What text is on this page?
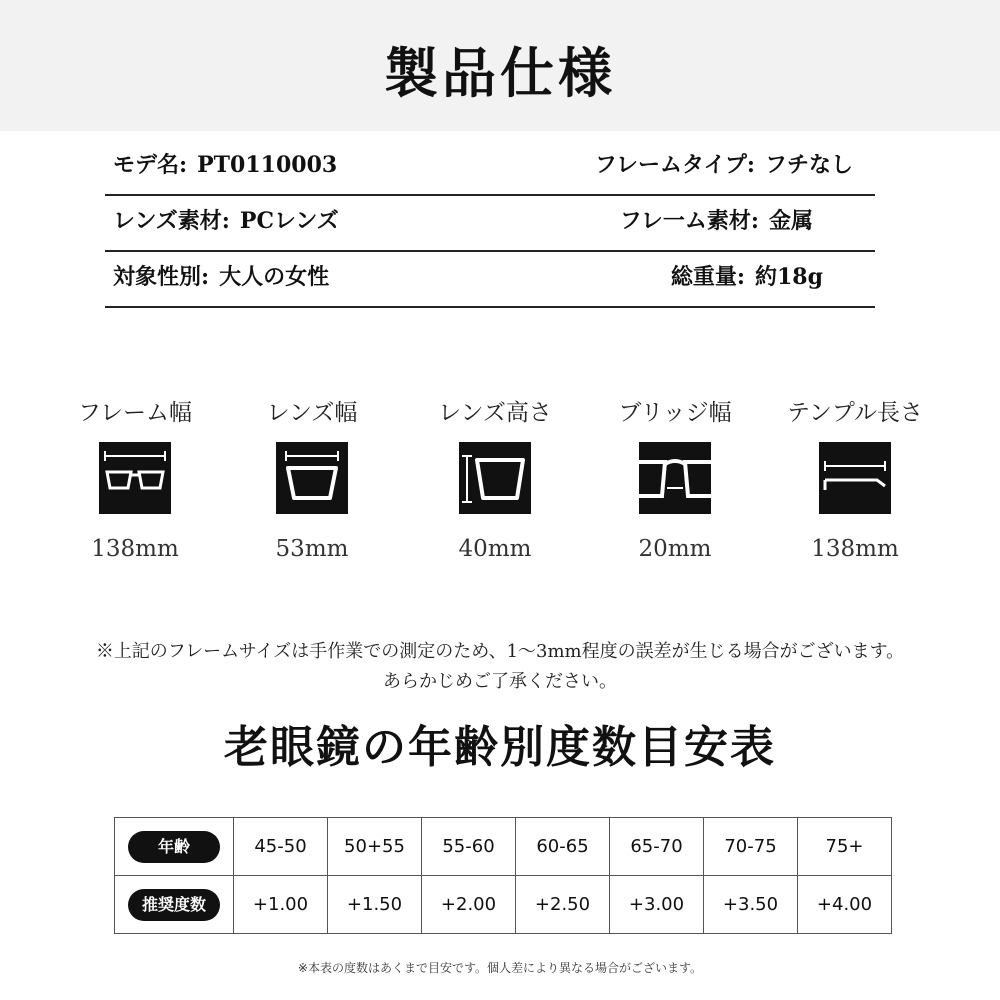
製品仕様
モデ名: PT0110003	フレームタイプ: フチなし
レンズ素材: PCレンズ	フレ一ム素材: 金属
対象性別: 大人の女性	総重量: 約18g
フレーム幅
138mm
レンズ幅
53mm
レンズ高さ
40mm
ブリッジ幅
20mm
テンプル長さ
138mm
※上記のフレームサイズは手作業での測定のため、1～3mm程度の誤差が生じる場合がございます。
あらかじめご了承ください。
老眼鏡の年齢別度数目安表
年齢	45-50	50+55	55-60	60-65	65-70	70-75	75+
推奨度数	+1.00	+1.50	+2.00	+2.50	+3.00	+3.50	+4.00
※本表の度数はあくまで目安です。個人差により異なる場合がございます。
